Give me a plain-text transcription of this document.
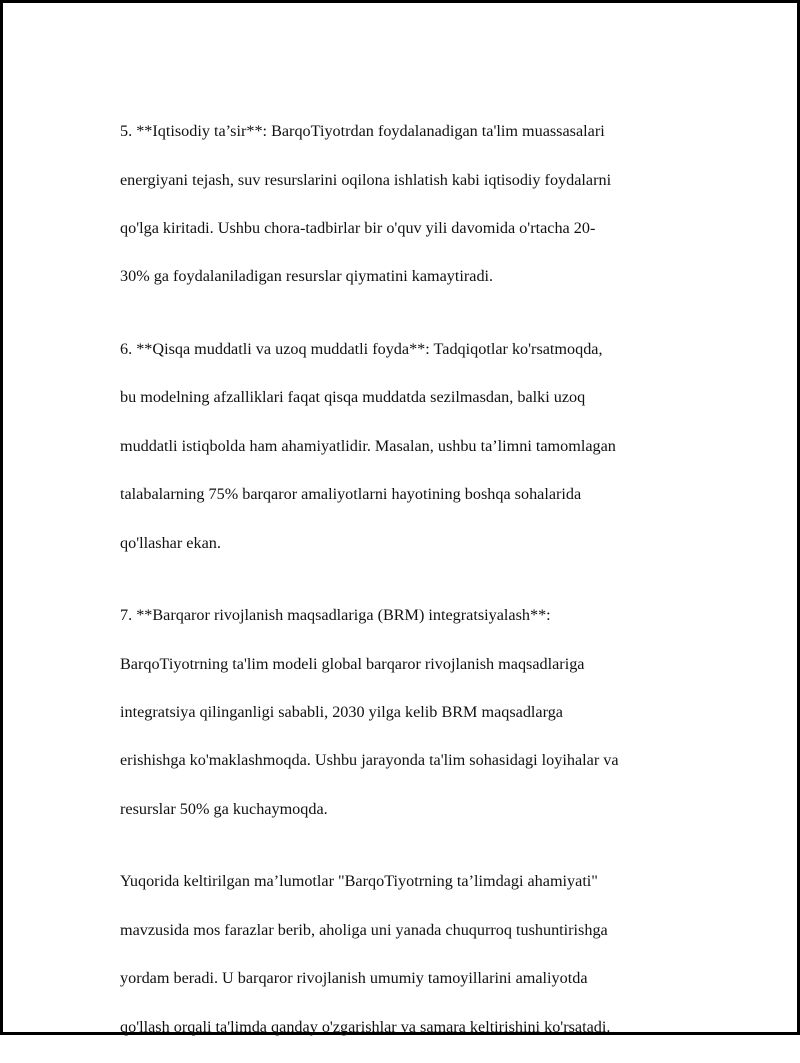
5. **Iqtisodiy ta’sir**: BarqoTiyotrdan foydalanadigan ta'lim muassasalari

energiyani tejash, suv resurslarini oqilona ishlatish kabi iqtisodiy foydalarni

qo'lga kiritadi. Ushbu chora-tadbirlar bir o'quv yili davomida o'rtacha 20-

30% ga foydalaniladigan resurslar qiymatini kamaytiradi.

6. **Qisqa muddatli va uzoq muddatli foyda**: Tadqiqotlar ko'rsatmoqda,

bu modelning afzalliklari faqat qisqa muddatda sezilmasdan, balki uzoq

muddatli istiqbolda ham ahamiyatlidir. Masalan, ushbu ta’limni tamomlagan

talabalarning 75% barqaror amaliyotlarni hayotining boshqa sohalarida

qo'llashar ekan.

7. **Barqaror rivojlanish maqsadlariga (BRM) integratsiyalash**:

BarqoTiyotrning ta'lim modeli global barqaror rivojlanish maqsadlariga

integratsiya qilinganligi sababli, 2030 yilga kelib BRM maqsadlarga

erishishga ko'maklashmoqda. Ushbu jarayonda ta'lim sohasidagi loyihalar va

resurslar 50% ga kuchaymoqda.

Yuqorida keltirilgan ma’lumotlar "BarqoTiyotrning ta’limdagi ahamiyati"

mavzusida mos farazlar berib, aholiga uni yanada chuqurroq tushuntirishga

yordam beradi. U barqaror rivojlanish umumiy tamoyillarini amaliyotda

qo'llash orqali ta'limda qanday o'zgarishlar va samara keltirishini ko'rsatadi.
